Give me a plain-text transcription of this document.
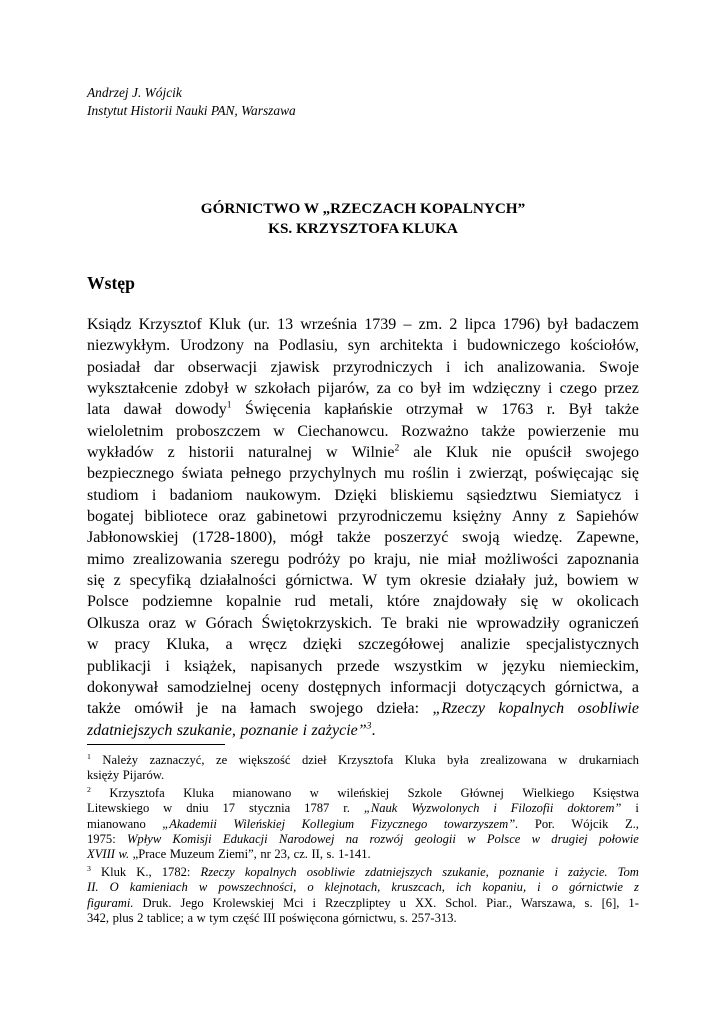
Andrzej J. Wójcik
Instytut Historii Nauki PAN, Warszawa
GÓRNICTWO W „RZECZACH KOPALNYCH”
KS. KRZYSZTOFA KLUKA
Wstęp
Ksiądz Krzysztof Kluk (ur. 13 września 1739 – zm. 2 lipca 1796) był badaczem
niezwykłym. Urodzony na Podlasiu, syn architekta i budowniczego kościołów,
posiadał dar obserwacji zjawisk przyrodniczych i ich analizowania. Swoje
wykształcenie zdobył w szkołach pijarów, za co był im wdzięczny i czego przez
lata dawał dowody$^1$ Święcenia kapłańskie otrzymał w 1763 r. Był także
wieloletnim proboszczem w Ciechanowcu. Rozważno także powierzenie mu
wykładów z historii naturalnej w Wilnie$^2$ ale Kluk nie opuścił swojego
bezpiecznego świata pełnego przychylnych mu roślin i zwierząt, poświęcając się
studiom i badaniom naukowym. Dzięki bliskiemu sąsiedztwu Siemiatycz i
bogatej bibliotece oraz gabinetowi przyrodniczemu księżny Anny z Sapiehów
Jabłonowskiej (1728-1800), mógł także poszerzyć swoją wiedzę. Zapewne,
mimo zrealizowania szeregu podróży po kraju, nie miał możliwości zapoznania
się z specyfiką działalności górnictwa. W tym okresie działały już, bowiem w
Polsce podziemne kopalnie rud metali, które znajdowały się w okolicach
Olkusza oraz w Górach Świętokrzyskich. Te braki nie wprowadziły ograniczeń
w pracy Kluka, a wręcz dzięki szczegółowej analizie specjalistycznych
publikacji i książek, napisanych przede wszystkim w języku niemieckim,
dokonywał samodzielnej oceny dostępnych informacji dotyczących górnictwa, a
także omówił je na łamach swojego dzieła: „Rzeczy kopalnych osobliwie
zdatniejszych szukanie, poznanie i zażycie”$^3$.
$^1$ Należy zaznaczyć, ze większość dzieł Krzysztofa Kluka była zrealizowana w drukarniach
księży Pijarów.
$^2$ Krzysztofa Kluka mianowano w wileńskiej Szkole Głównej Wielkiego Księstwa
Litewskiego w dniu 17 stycznia 1787 r. „Nauk Wyzwolonych i Filozofii doktorem” i
mianowano „Akademii Wileńskiej Kollegium Fizycznego towarzyszem”. Por. Wójcik Z.,
1975: Wpływ Komisji Edukacji Narodowej na rozwój geologii w Polsce w drugiej połowie
XVIII w. „Prace Muzeum Ziemi”, nr 23, cz. II, s. 1-141.
$^3$ Kluk K., 1782: Rzeczy kopalnych osobliwie zdatniejszych szukanie, poznanie i zażycie. Tom
II. O kamieniach w powszechności, o klejnotach, kruszcach, ich kopaniu, i o górnictwie z
figurami. Druk. Jego Krolewskiej Mci i Rzeczpliptey u XX. Schol. Piar., Warszawa, s. [6], 1-
342, plus 2 tablice; a w tym część III poświęcona górnictwu, s. 257-313.
